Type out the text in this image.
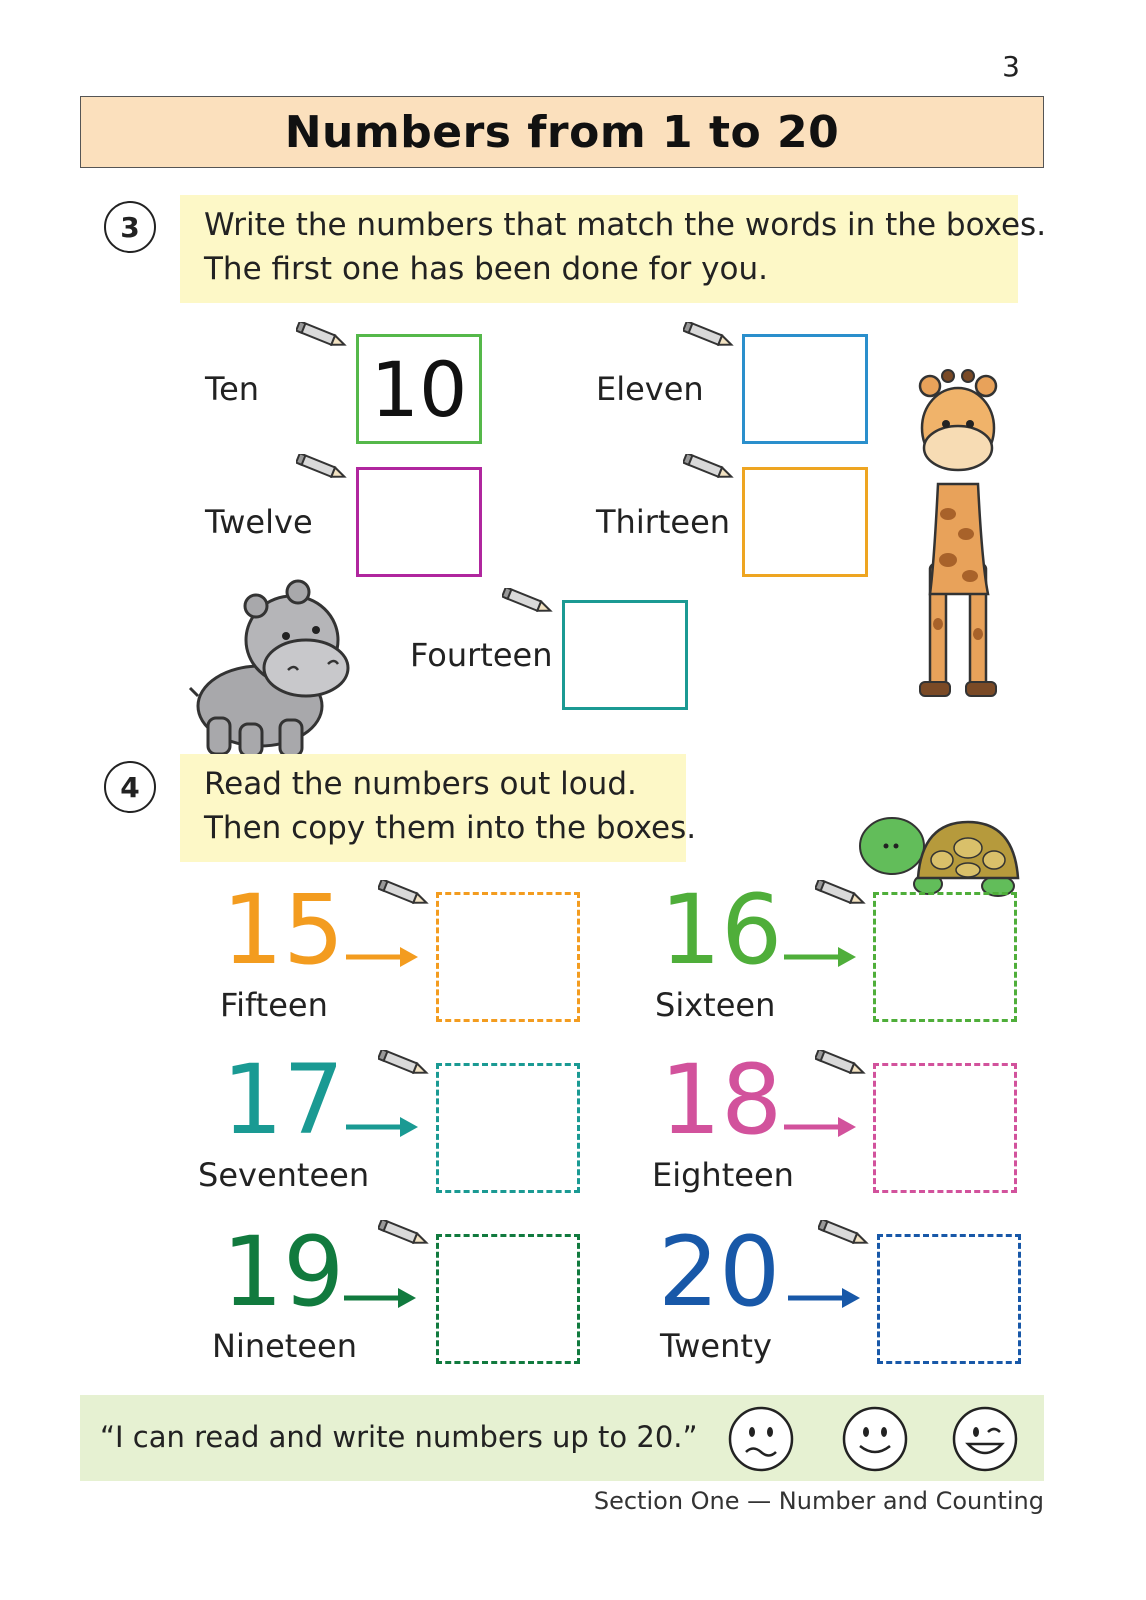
3
Numbers from 1 to 20
3	Write the numbers that match the words in the boxes.
The first one has been done for you.
Ten 10	Eleven
Twelve	Thirteen
Fourteen
4	Read the numbers out loud.
Then copy them into the boxes.
15
Fifteen
16
Sixteen
17
Seventeen
18
Eighteen
19
Nineteen
20
Twenty
“I can read and write numbers up to 20.”
Section One — Number and Counting
